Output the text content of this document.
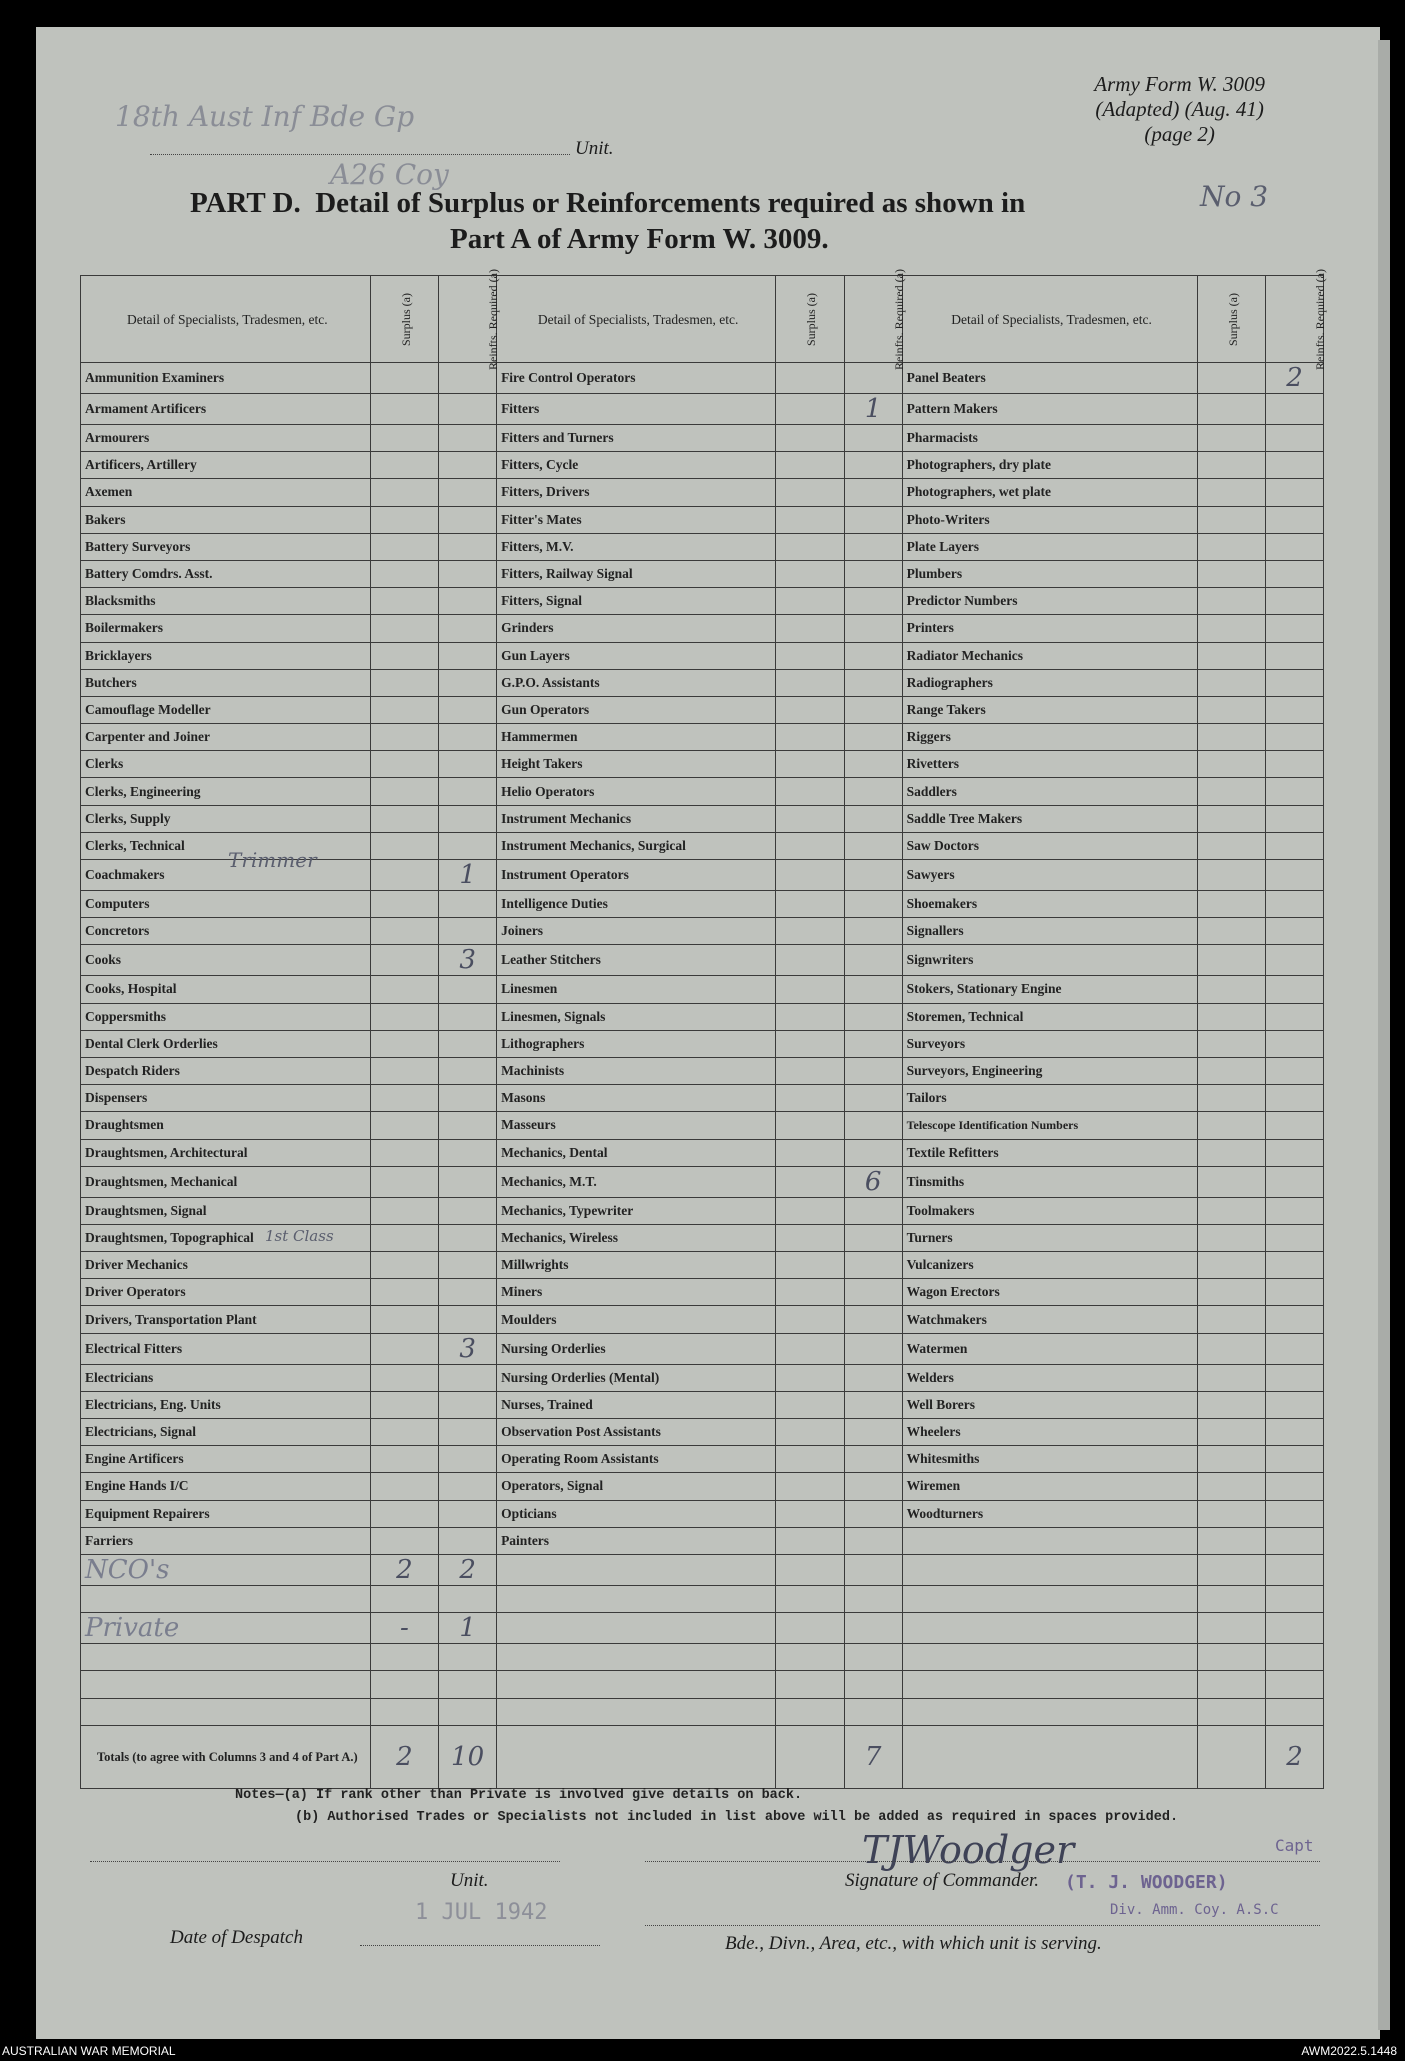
18th Aust Inf Bde Gp
A26 Coy
Unit.
Army Form W. 3009
(Adapted) (Aug. 41)
(page 2)
No 3
PART D.  Detail of Surplus or Reinforcements required as shown in
Part A of Army Form W. 3009.
Detail of Specialists, Tradesmen, etc.	Surplus (a)	Reinfts. Required (a)	Detail of Specialists, Tradesmen, etc.	Surplus (a)	Reinfts. Required (a)	Detail of Specialists, Tradesmen, etc.	Surplus (a)	Reinfts. Required (a)
Ammunition Examiners			Fire Control Operators			Panel Beaters		2
Armament Artificers			Fitters		1	Pattern Makers		
Armourers			Fitters and Turners			Pharmacists		
Artificers, Artillery			Fitters, Cycle			Photographers, dry plate		
Axemen			Fitters, Drivers			Photographers, wet plate		
Bakers			Fitter's Mates			Photo-Writers		
Battery Surveyors			Fitters, M.V.			Plate Layers		
Battery Comdrs. Asst.			Fitters, Railway Signal			Plumbers		
Blacksmiths			Fitters, Signal			Predictor Numbers		
Boilermakers			Grinders			Printers		
Bricklayers			Gun Layers			Radiator Mechanics		
Butchers			G.P.O. Assistants			Radiographers		
Camouflage Modeller			Gun Operators			Range Takers		
Carpenter and Joiner			Hammermen			Riggers		
Clerks			Height Takers			Rivetters		
Clerks, Engineering			Helio Operators			Saddlers		
Clerks, Supply			Instrument Mechanics			Saddle Tree Makers		
Clerks, Technical			Instrument Mechanics, Surgical			Saw Doctors		
Coachmakers		1	Instrument Operators			Sawyers		
Computers			Intelligence Duties			Shoemakers		
Concretors			Joiners			Signallers		
Cooks		3	Leather Stitchers			Signwriters		
Cooks, Hospital			Linesmen			Stokers, Stationary Engine		
Coppersmiths			Linesmen, Signals			Storemen, Technical		
Dental Clerk Orderlies			Lithographers			Surveyors		
Despatch Riders			Machinists			Surveyors, Engineering		
Dispensers			Masons			Tailors		
Draughtsmen			Masseurs			Telescope Identification Numbers		
Draughtsmen, Architectural			Mechanics, Dental			Textile Refitters		
Draughtsmen, Mechanical			Mechanics, M.T.		6	Tinsmiths		
Draughtsmen, Signal			Mechanics, Typewriter			Toolmakers		
Draughtsmen, Topographical			Mechanics, Wireless			Turners		
Driver Mechanics			Millwrights			Vulcanizers		
Driver Operators			Miners			Wagon Erectors		
Drivers, Transportation Plant			Moulders			Watchmakers		
Electrical Fitters		3	Nursing Orderlies			Watermen		
Electricians			Nursing Orderlies (Mental)			Welders		
Electricians, Eng. Units			Nurses, Trained			Well Borers		
Electricians, Signal			Observation Post Assistants			Wheelers		
Engine Artificers			Operating Room Assistants			Whitesmiths		
Engine Hands I/C			Operators, Signal			Wiremen		
Equipment Repairers			Opticians			Woodturners		
Farriers			Painters					
NCO's	2	2						

Private	-	1						

Totals (to agree with Columns 3 and 4 of Part A.)	2	10			7			2
Trimmer
1st Class
Notes—(a) If rank other than Private is involved give details on back.
(b) Authorised Trades or Specialists not included in list above will be added as required in spaces provided.
TJWoodger	Capt
(T. J. WOODGER)
Div. Amm. Coy. A.S.C
Unit.	Signature of Commander.
Date of Despatch
1 JUL 1942
Bde., Divn., Area, etc., with which unit is serving.
AUSTRALIAN WAR MEMORIAL	AWM2022.5.1448
